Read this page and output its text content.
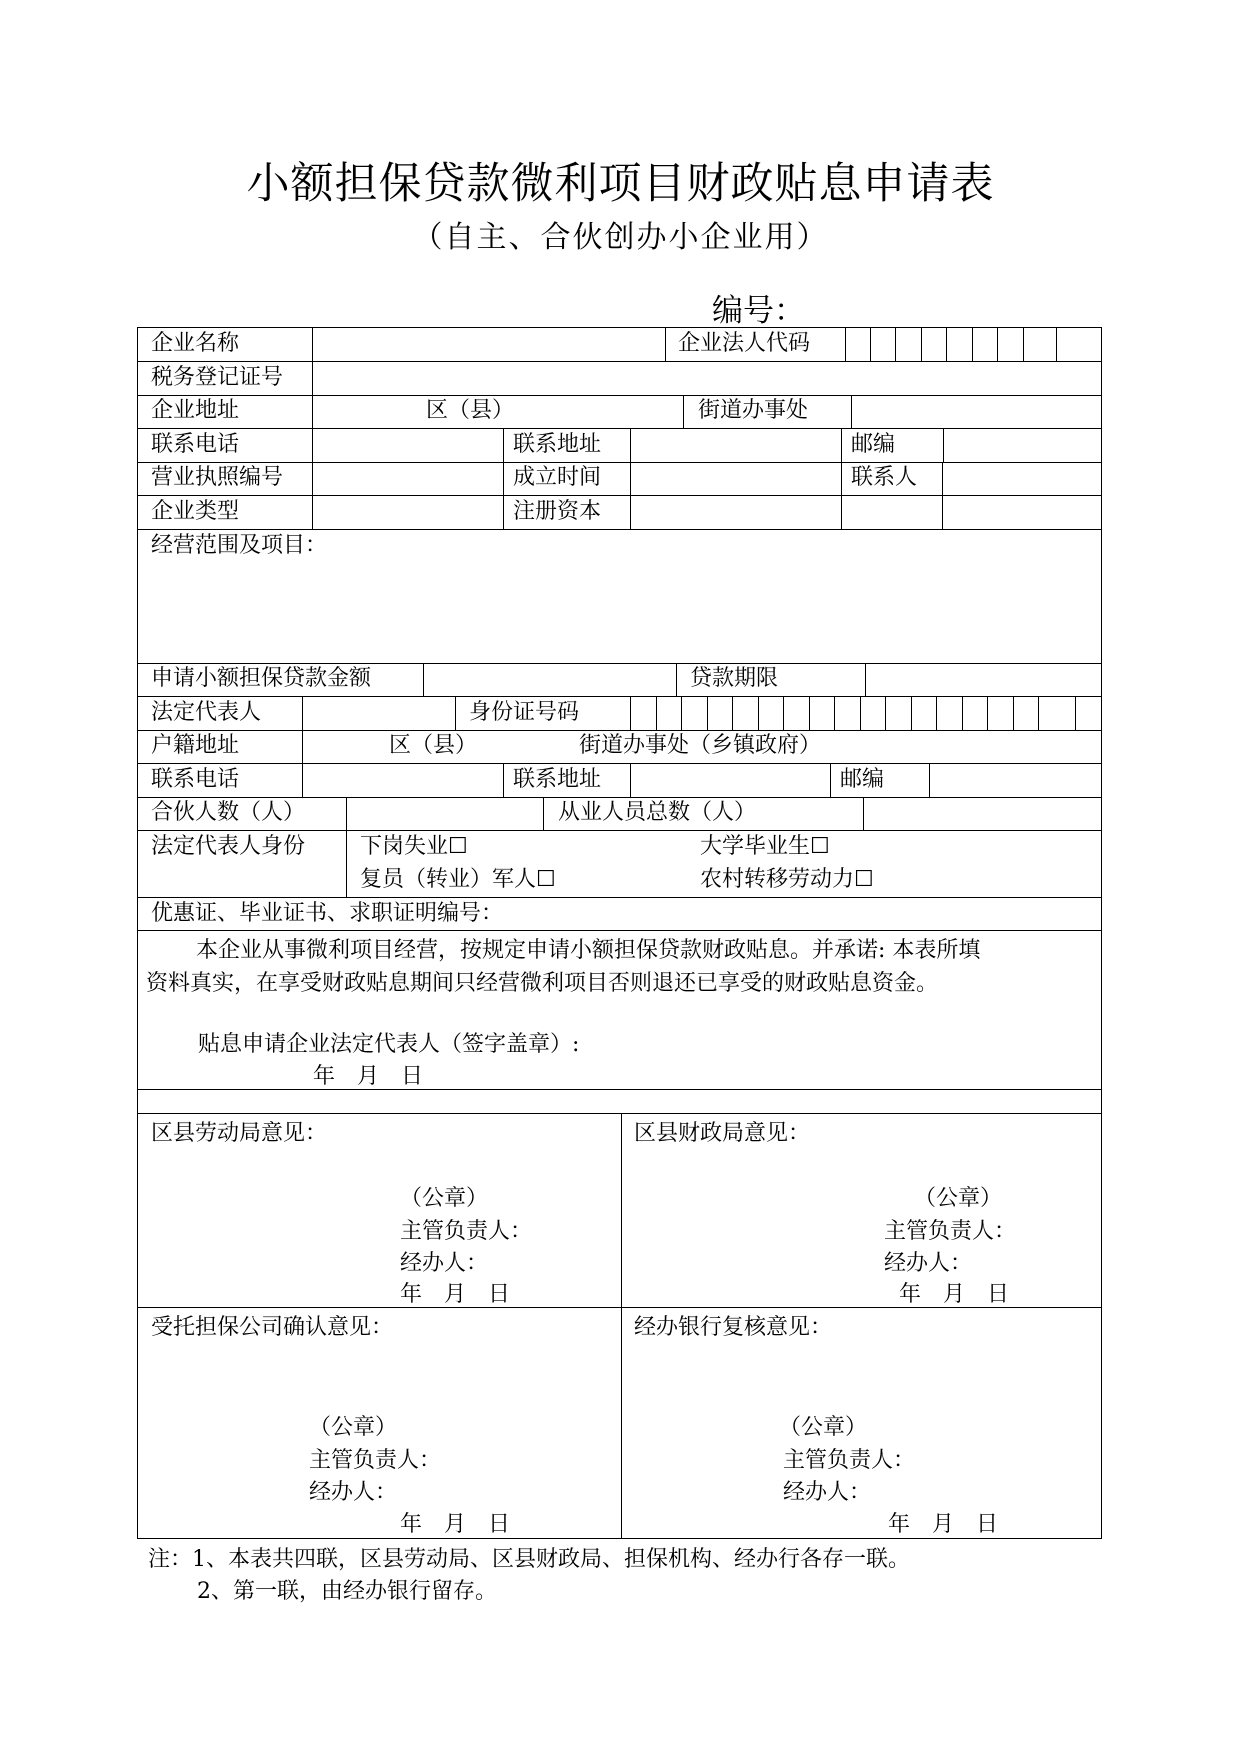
小额担保贷款微利项目财政贴息申请表
（自主、合伙创办小企业用）
编号：
企业名称	企业法人代码
税务登记证号
企业地址	区（县）	街道办事处
联系电话	联系地址	邮编
营业执照编号	成立时间	联系人
企业类型	注册资本
经营范围及项目：
申请小额担保贷款金额	贷款期限
法定代表人	身份证号码
户籍地址	区（县）	街道办事处（乡镇政府）
联系电话	联系地址	邮编
合伙人数（人）	从业人员总数（人）
法定代表人身份 下岗失业☐	大学毕业生☐
复员（转业）军人☐	农村转移劳动力☐
优惠证、毕业证书、求职证明编号：
本企业从事微利项目经营，按规定申请小额担保贷款财政贴息。并承诺: 本表所填
资料真实，在享受财政贴息期间只经营微利项目否则退还已享受的财政贴息资金。
贴息申请企业法定代表人（签字盖章）:
年　月　日
区县劳动局意见：
（公章）
主管负责人：
经办人：
年　月　日
区县财政局意见：
（公章）
主管负责人：
经办人：
年　月　日
受托担保公司确认意见：
（公章）
主管负责人：
经办人：
年　月　日
经办银行复核意见：
（公章）
主管负责人：
经办人：
年　月　日
注：1、本表共四联，区县劳动局、区县财政局、担保机构、经办行各存一联。
2、第一联，由经办银行留存。
